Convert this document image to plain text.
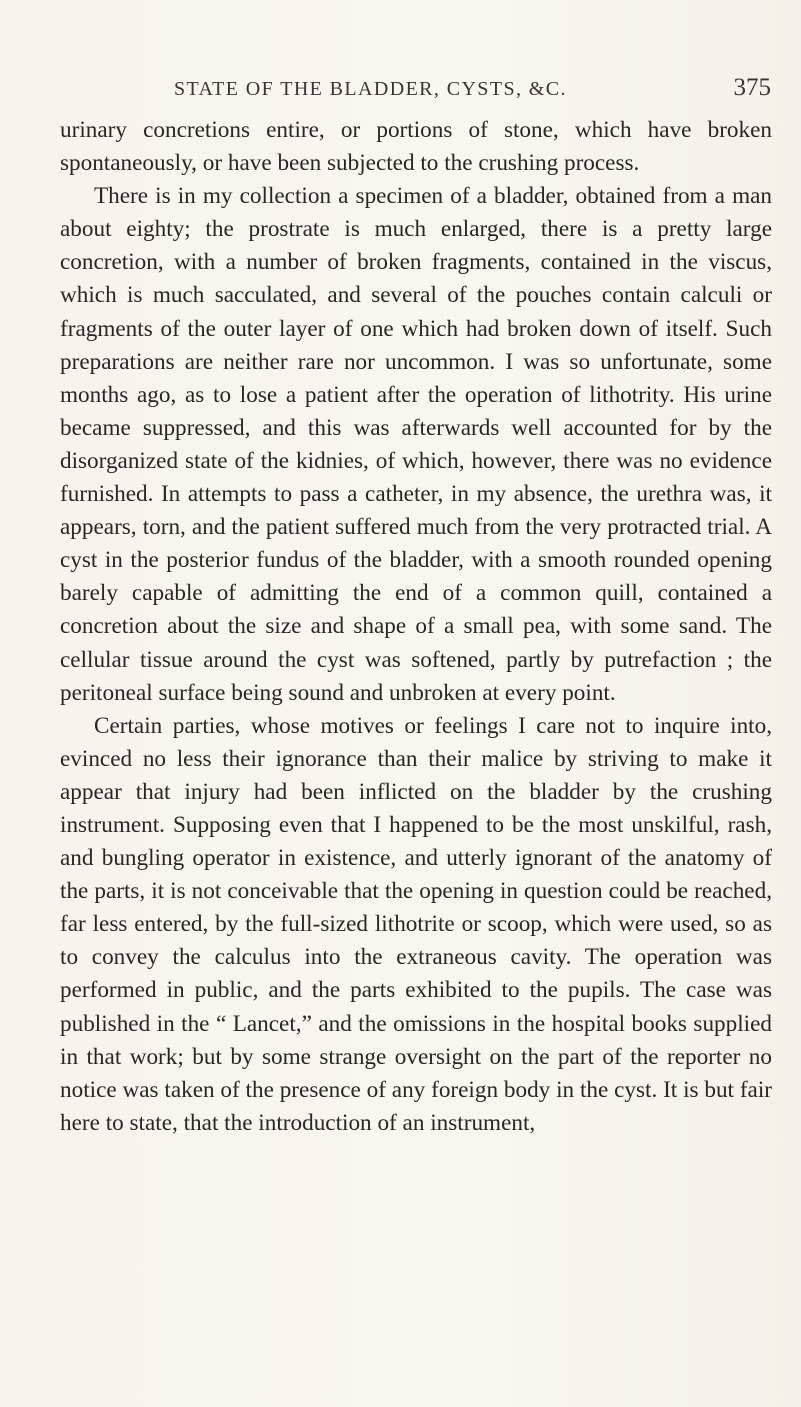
STATE OF THE BLADDER, CYSTS, &C.	375

urinary concretions entire, or portions of stone, which have broken spontaneously, or have been subjected to the crushing process.

There is in my collection a specimen of a bladder, obtained from a man about eighty; the prostrate is much enlarged, there is a pretty large concretion, with a number of broken fragments, contained in the viscus, which is much sacculated, and several of the pouches contain calculi or fragments of the outer layer of one which had broken down of itself. Such preparations are neither rare nor uncommon. I was so unfortunate, some months ago, as to lose a patient after the operation of lithotrity. His urine became suppressed, and this was afterwards well accounted for by the disorganized state of the kidnies, of which, however, there was no evidence furnished. In attempts to pass a catheter, in my absence, the urethra was, it appears, torn, and the patient suffered much from the very protracted trial. A cyst in the posterior fundus of the bladder, with a smooth rounded opening barely capable of admitting the end of a common quill, contained a concretion about the size and shape of a small pea, with some sand. The cellular tissue around the cyst was softened, partly by putrefaction ; the peritoneal surface being sound and unbroken at every point.

Certain parties, whose motives or feelings I care not to inquire into, evinced no less their ignorance than their malice by striving to make it appear that injury had been inflicted on the bladder by the crushing instrument. Supposing even that I happened to be the most unskilful, rash, and bungling operator in existence, and utterly ignorant of the anatomy of the parts, it is not conceivable that the opening in question could be reached, far less entered, by the full-sized lithotrite or scoop, which were used, so as to convey the calculus into the extraneous cavity. The operation was performed in public, and the parts exhibited to the pupils. The case was published in the “ Lancet,” and the omissions in the hospital books supplied in that work; but by some strange oversight on the part of the reporter no notice was taken of the presence of any foreign body in the cyst. It is but fair here to state, that the introduction of an instrument,
